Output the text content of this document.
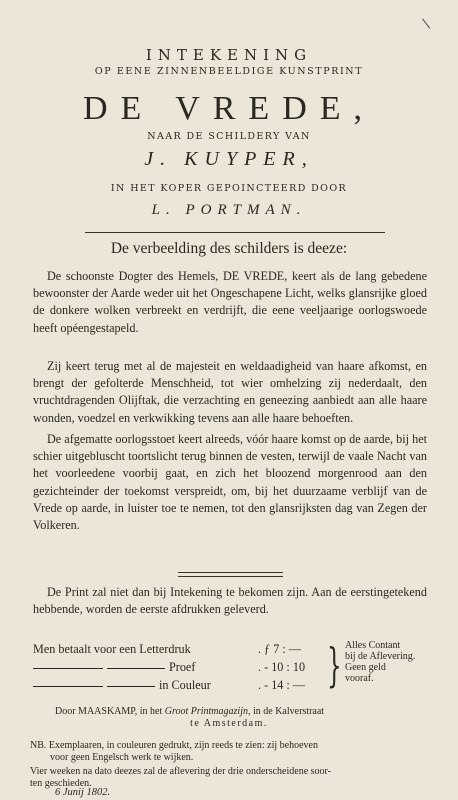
\
INTEKENING
OP EENE ZINNENBEELDIGE KUNSTPRINT
DE VREDE,
NAAR DE SCHILDERY VAN
J. KUYPER,
IN HET KOPER GEPOINCTEERD DOOR
L. PORTMAN.
De verbeelding des schilders is deeze:
De schoonste Dogter des Hemels, DE VREDE, keert als de lang gebedene bewoonster der Aarde weder uit het Ongeschapene Licht, welks glansrijke gloed de donkere wolken verbreekt en verdrijft, die eene veeljaarige oorlogswoede heeft opéengestapeld.
Zij keert terug met al de majesteit en weldaadigheid van haare afkomst, en brengt der gefolterde Menschheid, tot wier omhelzing zij nederdaalt, den vruchtdragenden Olijftak, die verzachting en geneezing aanbiedt aan alle haare wonden, voedzel en verkwikking tevens aan alle haare behoeften.
De afgematte oorlogsstoet keert alreeds, vóór haare komst op de aarde, bij het schier uitgebluscht toortslicht terug binnen de vesten, terwijl de vaale Nacht van het voorleedene voorbij gaat, en zich het bloozend morgenrood aan den gezichteinder der toekomst verspreidt, om, bij het duurzaame verblijf van de Vrede op aarde, in luister toe te nemen, tot den glansrijksten dag van Zegen der Volkeren.
De Print zal niet dan bij Intekening te bekomen zijn. Aan de eerstingetekend hebbende, worden de eerste afdrukken geleverd.
Men betaalt voor een Letterdruk
Proef
in Couleur
. ƒ 7 : —
. - 10 : 10
. - 14 : — } Alles Contant
bij de Aflevering.
Geen geld
vooraf.
Door MAASKAMP, in het Groot Printmagazijn, in de Kalverstraat
te Amsterdam.
NB. Exemplaaren, in couleuren gedrukt, zijn reeds te zien: zij behoeven
voor geen Engelsch werk te wijken.
Vier weeken na dato deezes zal de aflevering der drie onderscheidene soor-
ten geschieden.
6 Junij 1802.
